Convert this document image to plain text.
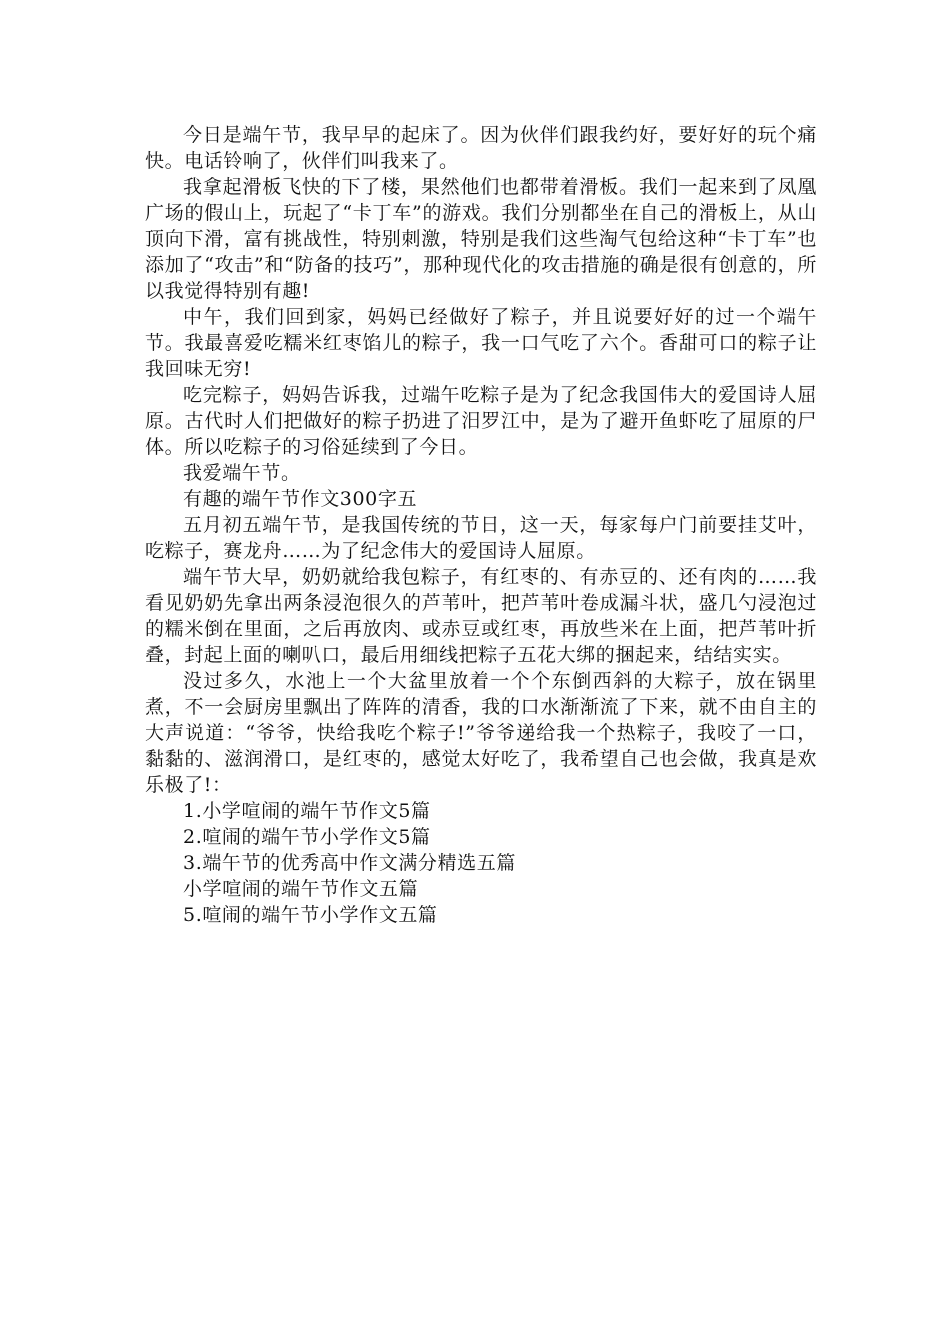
今日是端午节，我早早的起床了。因为伙伴们跟我约好，要好好的玩个痛快。电话铃响了，伙伴们叫我来了。

我拿起滑板飞快的下了楼，果然他们也都带着滑板。我们一起来到了凤凰广场的假山上，玩起了“卡丁车”的游戏。我们分别都坐在自己的滑板上，从山顶向下滑，富有挑战性，特别刺激，特别是我们这些淘气包给这种“卡丁车”也添加了“攻击”和“防备的技巧”，那种现代化的攻击措施的确是很有创意的，所以我觉得特别有趣!

中午，我们回到家，妈妈已经做好了粽子，并且说要好好的过一个端午节。我最喜爱吃糯米红枣馅儿的粽子，我一口气吃了六个。香甜可口的粽子让我回味无穷!

吃完粽子，妈妈告诉我，过端午吃粽子是为了纪念我国伟大的爱国诗人屈原。古代时人们把做好的粽子扔进了汨罗江中，是为了避开鱼虾吃了屈原的尸体。所以吃粽子的习俗延续到了今日。

我爱端午节。

有趣的端午节作文300字五

五月初五端午节，是我国传统的节日，这一天，每家每户门前要挂艾叶，吃粽子，赛龙舟……为了纪念伟大的爱国诗人屈原。

端午节大早，奶奶就给我包粽子，有红枣的、有赤豆的、还有肉的……我看见奶奶先拿出两条浸泡很久的芦苇叶，把芦苇叶卷成漏斗状，盛几勺浸泡过的糯米倒在里面，之后再放肉、或赤豆或红枣，再放些米在上面，把芦苇叶折叠，封起上面的喇叭口，最后用细线把粽子五花大绑的捆起来，结结实实。

没过多久，水池上一个大盆里放着一个个东倒西斜的大粽子，放在锅里煮，不一会厨房里飘出了阵阵的清香，我的口水渐渐流了下来，就不由自主的大声说道：“爷爷，快给我吃个粽子!”爷爷递给我一个热粽子，我咬了一口，黏黏的、滋润滑口，是红枣的，感觉太好吃了，我希望自己也会做，我真是欢乐极了!：

1.小学喧闹的端午节作文5篇
2.喧闹的端午节小学作文5篇
3.端午节的优秀高中作文满分精选五篇
小学喧闹的端午节作文五篇
5.喧闹的端午节小学作文五篇
